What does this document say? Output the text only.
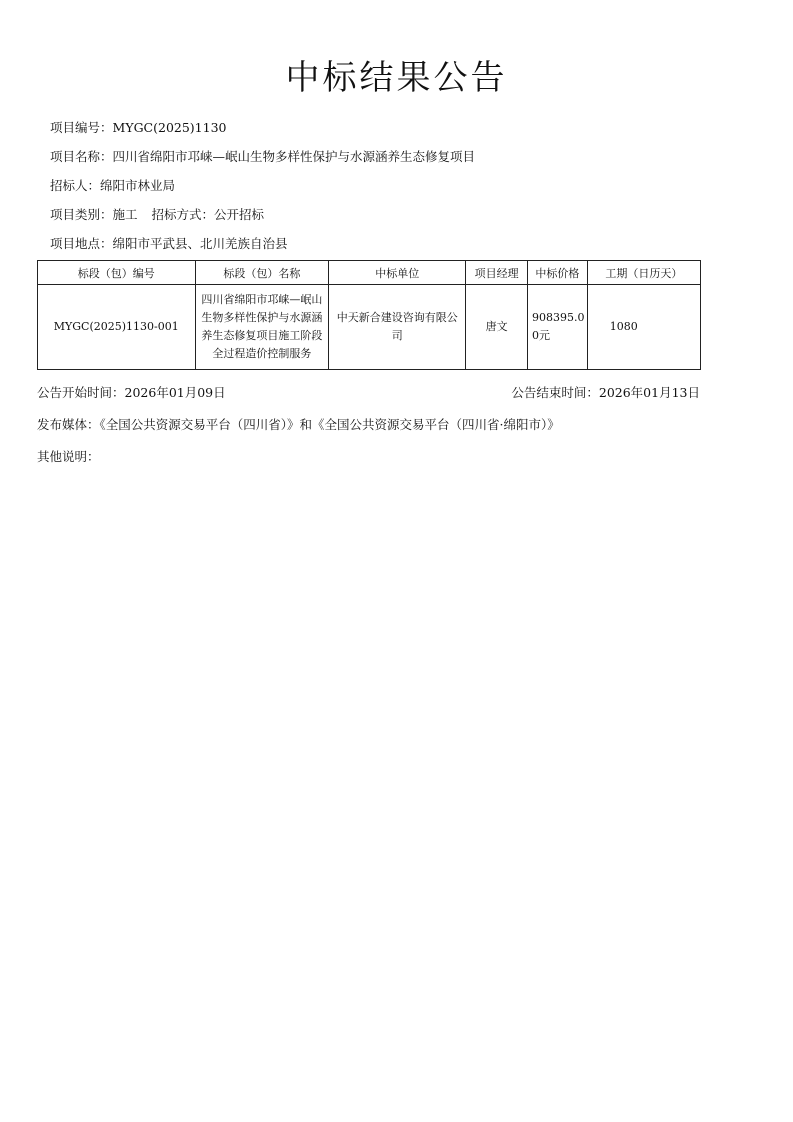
中标结果公告
项目编号：MYGC(2025)1130
项目名称：四川省绵阳市邛崃—岷山生物多样性保护与水源涵养生态修复项目
招标人：绵阳市林业局
项目类别：施工 招标方式：公开招标
项目地点：绵阳市平武县、北川羌族自治县
标段（包）编号	标段（包）名称	中标单位	项目经理	中标价格	工期（日历天）
MYGC(2025)1130-001	四川省绵阳市邛崃—岷山生物多样性保护与水源涵养生态修复项目施工阶段全过程造价控制服务	中天新合建设咨询有限公司	唐文	908395.00元	1080
公告开始时间：2026年01月09日	公告结束时间：2026年01月13日
发布媒体：《全国公共资源交易平台（四川省）》和《全国公共资源交易平台（四川省·绵阳市）》
其他说明：
